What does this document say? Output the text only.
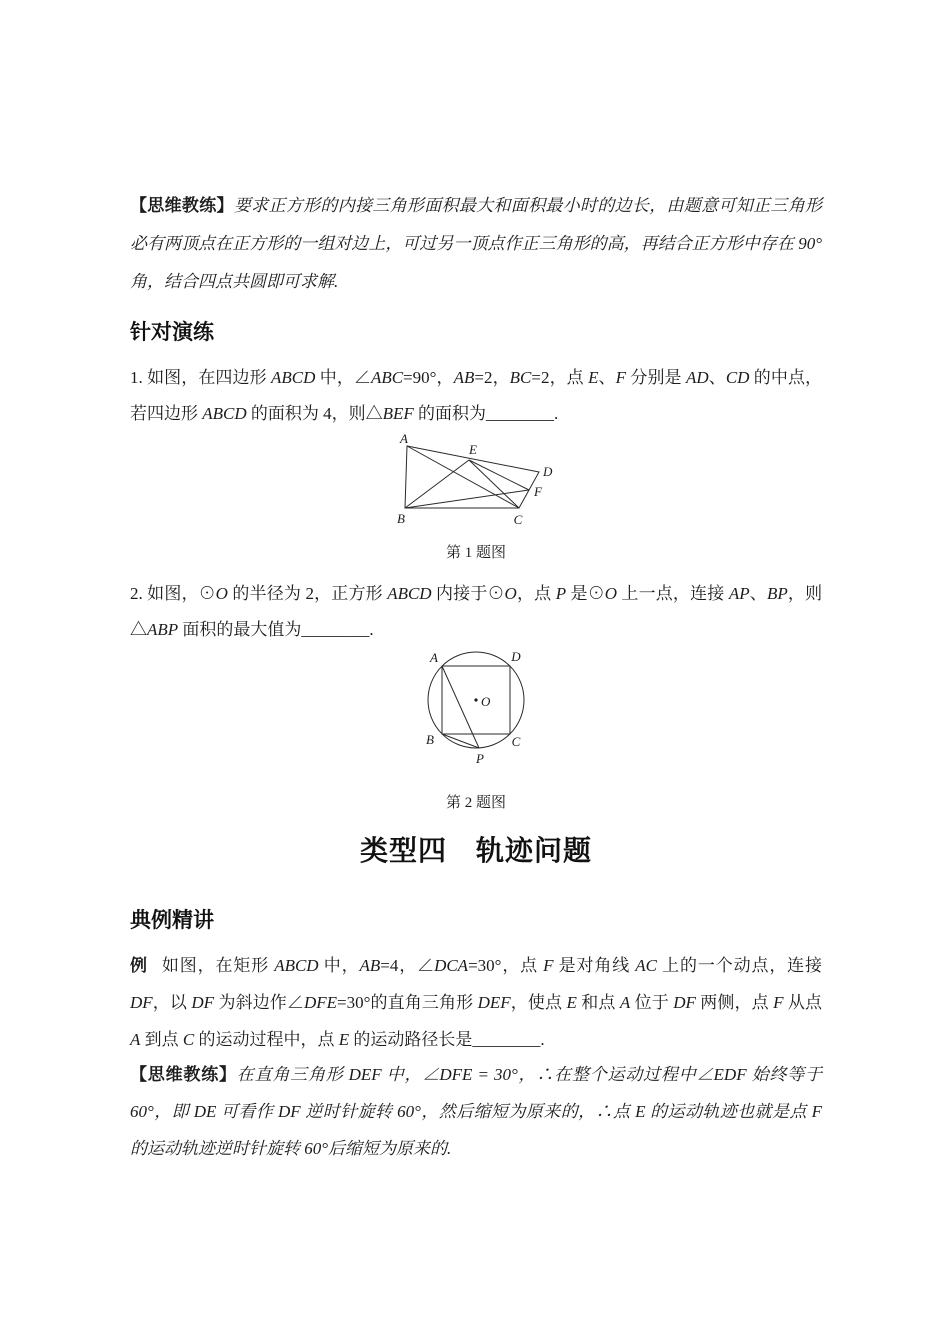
【思维教练】要求正方形的内接三角形面积最大和面积最小时的边长，由题意可知正三角形必有两顶点在正方形的一组对边上，可过另一顶点作正三角形的高，再结合正方形中存在 90°角，结合四点共圆即可求解.
针对演练
1. 如图，在四边形 ABCD 中，∠ABC=90°，AB=2，BC=2，点 E、F 分别是 AD、CD 的中点，若四边形 ABCD 的面积为 4，则△BEF 的面积为________.
A
E
D
F
B	C
第 1 题图
2. 如图，⊙O 的半径为 2，正方形 ABCD 内接于⊙O，点 P 是⊙O 上一点，连接 AP、BP，则△ABP 面积的最大值为________.
A	D
B	C
O
P
第 2 题图
类型四　轨迹问题
典例精讲
例 如图，在矩形 ABCD 中，AB=4，∠DCA=30°，点 F 是对角线 AC 上的一个动点，连接 DF，以 DF 为斜边作∠DFE=30°的直角三角形 DEF，使点 E 和点 A 位于 DF 两侧，点 F 从点 A 到点 C 的运动过程中，点 E 的运动路径长是________.
【思维教练】在直角三角形 DEF 中，∠DFE = 30°，∴在整个运动过程中∠EDF 始终等于 60°，即 DE 可看作 DF 逆时针旋转 60°，然后缩短为原来的，∴点 E 的运动轨迹也就是点 F 的运动轨迹逆时针旋转 60°后缩短为原来的.
